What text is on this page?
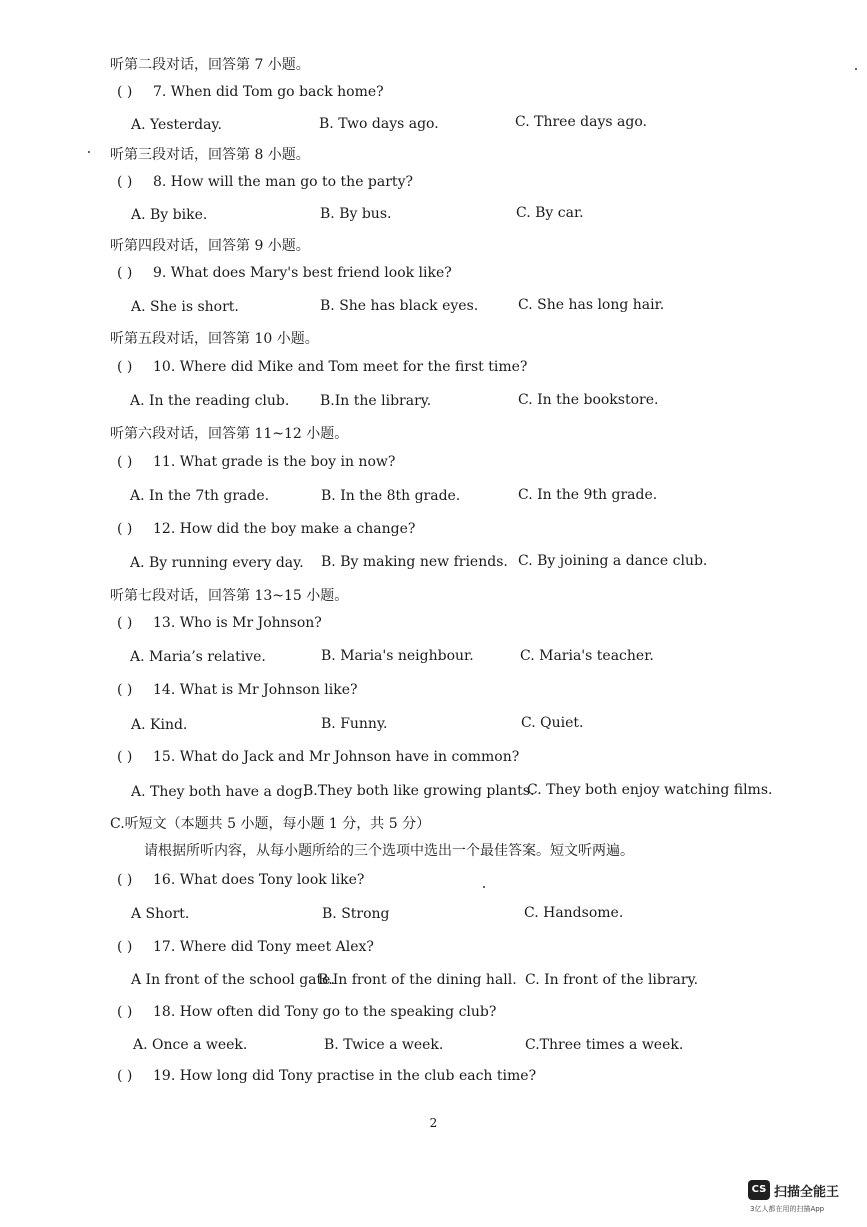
听第二段对话，回答第 7 小题。
( ) 7. When did Tom go back home?
A. Yesterday.	B. Two days ago.	C. Three days ago.
听第三段对话，回答第 8 小题。
( ) 8. How will the man go to the party?
A. By bike.	B. By bus.	C. By car.
听第四段对话，回答第 9 小题。
( ) 9. What does Mary's best friend look like?
A. She is short.	B. She has black eyes.	C. She has long hair.
听第五段对话，回答第 10 小题。
( ) 10. Where did Mike and Tom meet for the first time?
A. In the reading club. B.In the library.	C. In the bookstore.
听第六段对话，回答第 11~12 小题。
( ) 11. What grade is the boy in now?
A. In the 7th grade.	B. In the 8th grade.	C. In the 9th grade.
( ) 12. How did the boy make a change?
A. By running every day. B. By making new friends. C. By joining a dance club.
听第七段对话，回答第 13~15 小题。
( ) 13. Who is Mr Johnson?
A. Maria’s relative.	B. Maria's neighbour.	C. Maria's teacher.
( ) 14. What is Mr Johnson like?
A. Kind.	B. Funny.	C. Quiet.
( ) 15. What do Jack and Mr Johnson have in common?
A. They both have a dog.
B.They both like growing plants.
C. They both enjoy watching films.
C.听短文（本题共 5 小题，每小题 1 分，共 5 分）
请根据所听内容，从每小题所给的三个选项中选出一个最佳答案。短文听两遍。
( ) 16. What does Tony look like?
A Short.	B. Strong	C. Handsome.
( ) 17. Where did Tony meet Alex?
A In front of the school gate.
B.In front of the dining hall. C. In front of the library.
( ) 18. How often did Tony go to the speaking club?
A. Once a week.	B. Twice a week.	C.Three times a week.
( ) 19. How long did Tony practise in the club each time?
2
CS 扫描全能王
3亿人都在用的扫描App
